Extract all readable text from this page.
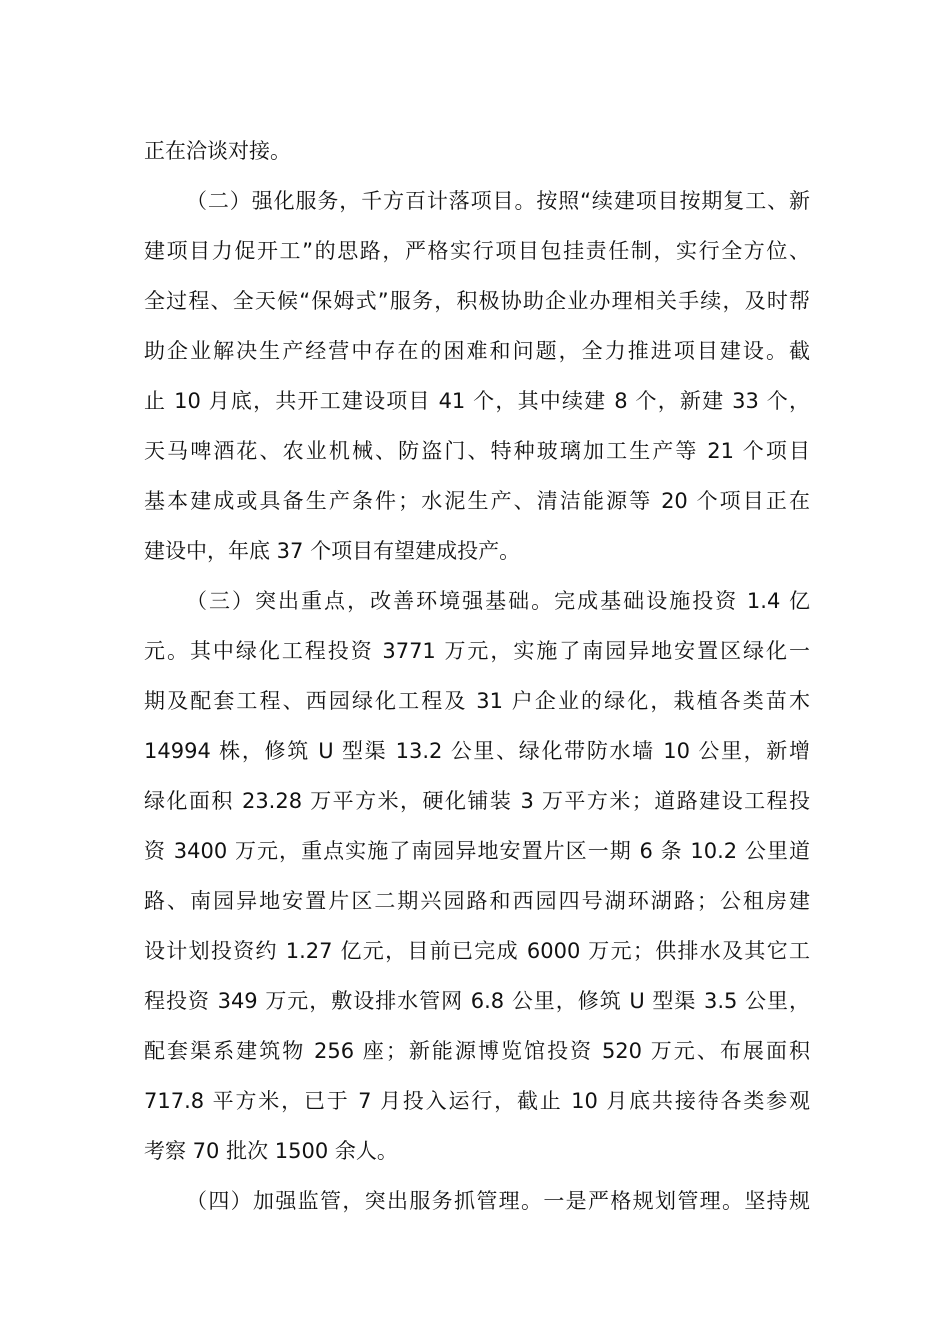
正在洽谈对接。
（二）强化服务，千方百计落项目。按照“续建项目按期复工、新
建项目力促开工”的思路，严格实行项目包挂责任制，实行全方位、
全过程、全天候“保姆式”服务，积极协助企业办理相关手续，及时帮
助企业解决生产经营中存在的困难和问题，全力推进项目建设。截
止 10 月底，共开工建设项目 41 个，其中续建 8 个，新建 33 个，
天马啤酒花、农业机械、防盗门、特种玻璃加工生产等 21 个项目
基本建成或具备生产条件；水泥生产、清洁能源等 20 个项目正在
建设中，年底 37 个项目有望建成投产。
（三）突出重点，改善环境强基础。完成基础设施投资 1.4 亿
元。其中绿化工程投资 3771 万元，实施了南园异地安置区绿化一
期及配套工程、西园绿化工程及 31 户企业的绿化，栽植各类苗木
14994 株，修筑 U 型渠 13.2 公里、绿化带防水墙 10 公里，新增
绿化面积 23.28 万平方米，硬化铺装 3 万平方米；道路建设工程投
资 3400 万元，重点实施了南园异地安置片区一期 6 条 10.2 公里道
路、南园异地安置片区二期兴园路和西园四号湖环湖路；公租房建
设计划投资约 1.27 亿元，目前已完成 6000 万元；供排水及其它工
程投资 349 万元，敷设排水管网 6.8 公里，修筑 U 型渠 3.5 公里，
配套渠系建筑物 256 座；新能源博览馆投资 520 万元、布展面积
717.8 平方米，已于 7 月投入运行，截止 10 月底共接待各类参观
考察 70 批次 1500 余人。
（四）加强监管，突出服务抓管理。一是严格规划管理。坚持规
